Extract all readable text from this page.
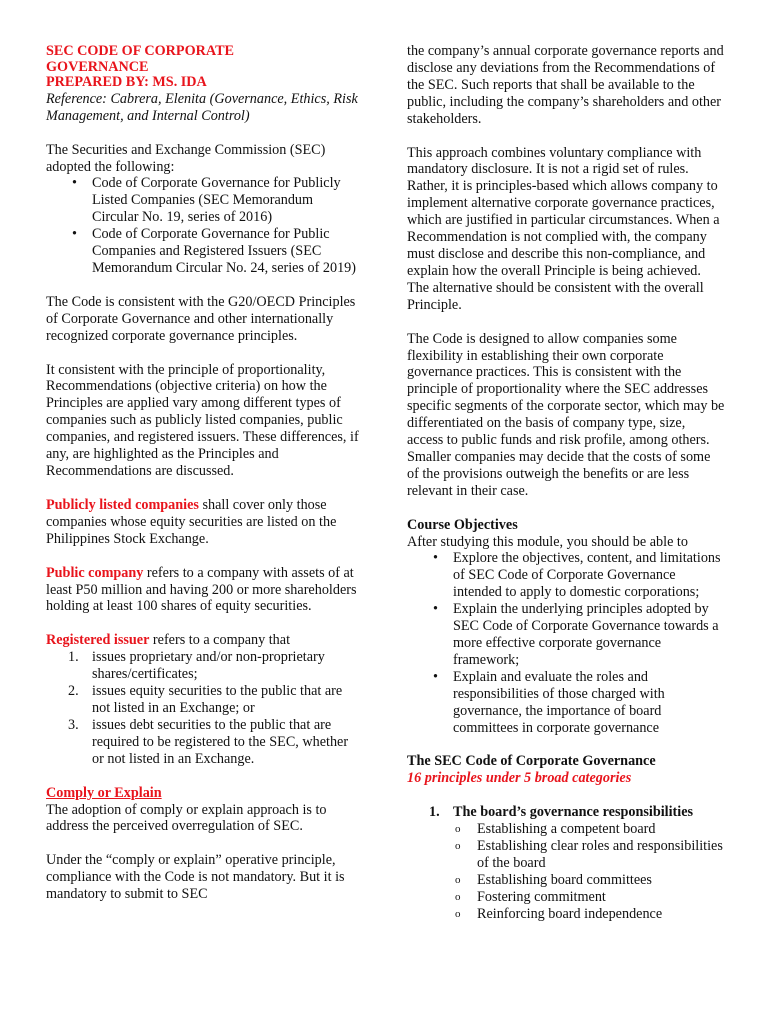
SEC CODE OF CORPORATE
GOVERNANCE
PREPARED BY: MS. IDA

Reference: Cabrera, Elenita (Governance, Ethics, Risk Management, and Internal Control)

The Securities and Exchange Commission (SEC) adopted the following:

• Code of Corporate Governance for Publicly Listed Companies (SEC Memorandum Circular No. 19, series of 2016)
• Code of Corporate Governance for Public Companies and Registered Issuers (SEC Memorandum Circular No. 24, series of 2019)

The Code is consistent with the G20/OECD Principles of Corporate Governance and other internationally recognized corporate governance principles.

It consistent with the principle of proportionality, Recommendations (objective criteria) on how the Principles are applied vary among different types of companies such as publicly listed companies, public companies, and registered issuers. These differences, if any, are highlighted as the Principles and Recommendations are discussed.

Publicly listed companies shall cover only those companies whose equity securities are listed on the Philippines Stock Exchange.

Public company refers to a company with assets of at least P50 million and having 200 or more shareholders holding at least 100 shares of equity securities.

Registered issuer refers to a company that

1. issues proprietary and/or non-proprietary shares/certificates;
2. issues equity securities to the public that are not listed in an Exchange; or
3. issues debt securities to the public that are required to be registered to the SEC, whether or not listed in an Exchange.

Comply or Explain

The adoption of comply or explain approach is to address the perceived overregulation of SEC.

Under the “comply or explain” operative principle, compliance with the Code is not mandatory. But it is mandatory to submit to SEC

the company’s annual corporate governance reports and disclose any deviations from the Recommendations of the SEC. Such reports that shall be available to the public, including the company’s shareholders and other stakeholders.

This approach combines voluntary compliance with mandatory disclosure. It is not a rigid set of rules. Rather, it is principles-based which allows company to implement alternative corporate governance practices, which are justified in particular circumstances. When a Recommendation is not complied with, the company must disclose and describe this non-compliance, and explain how the overall Principle is being achieved. The alternative should be consistent with the overall Principle.

The Code is designed to allow companies some flexibility in establishing their own corporate governance practices. This is consistent with the principle of proportionality where the SEC addresses specific segments of the corporate sector, which may be differentiated on the basis of company type, size, access to public funds and risk profile, among others. Smaller companies may decide that the costs of some of the provisions outweigh the benefits or are less relevant in their case.

Course Objectives

After studying this module, you should be able to

• Explore the objectives, content, and limitations of SEC Code of Corporate Governance intended to apply to domestic corporations;
• Explain the underlying principles adopted by SEC Code of Corporate Governance towards a more effective corporate governance framework;
• Explain and evaluate the roles and responsibilities of those charged with governance, the importance of board committees in corporate governance

The SEC Code of Corporate Governance

16 principles under 5 broad categories

1. The board’s governance responsibilities

o Establishing a competent board
o Establishing clear roles and responsibilities of the board
o Establishing board committees
o Fostering commitment
o Reinforcing board independence
